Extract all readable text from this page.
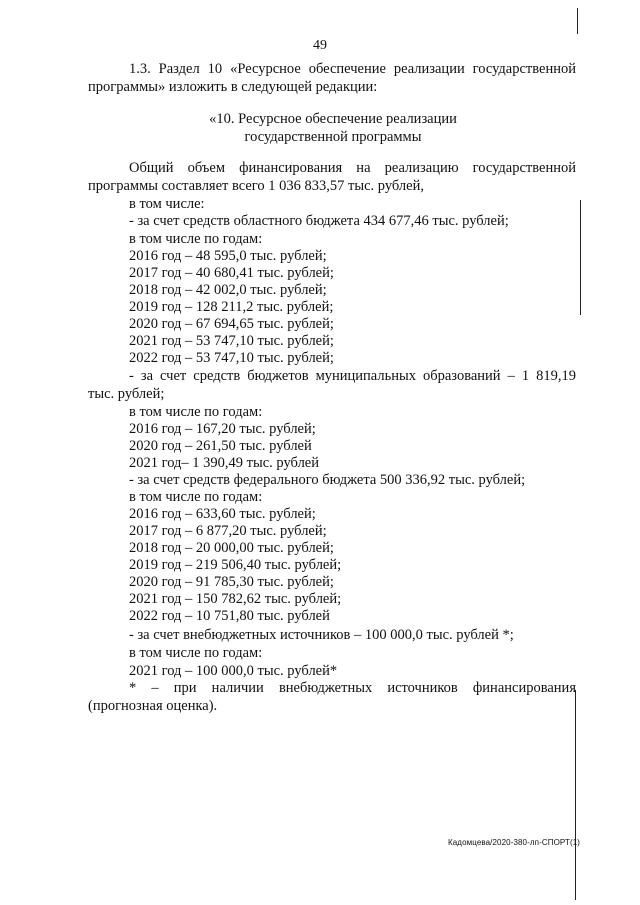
49
1.3. Раздел 10 «Ресурсное обеспечение реализации государственной
программы» изложить в следующей редакции:
«10. Ресурсное обеспечение реализации
государственной программы
Общий объем финансирования на реализацию государственной
программы составляет всего 1 036 833,57 тыс. рублей,
в том числе:
- за счет средств областного бюджета 434 677,46 тыс. рублей;
в том числе по годам:
2016 год – 48 595,0 тыс. рублей;
2017 год – 40 680,41 тыс. рублей;
2018 год – 42 002,0 тыс. рублей;
2019 год – 128 211,2 тыс. рублей;
2020 год – 67 694,65 тыс. рублей;
2021 год – 53 747,10 тыс. рублей;
2022 год – 53 747,10 тыс. рублей;
- за счет средств бюджетов муниципальных образований – 1 819,19
тыс. рублей;
в том числе по годам:
2016 год – 167,20 тыс. рублей;
2020 год – 261,50 тыс. рублей
2021 год– 1 390,49 тыс. рублей
- за счет средств федерального бюджета 500 336,92 тыс. рублей;
в том числе по годам:
2016 год – 633,60 тыс. рублей;
2017 год – 6 877,20 тыс. рублей;
2018 год – 20 000,00 тыс. рублей;
2019 год – 219 506,40 тыс. рублей;
2020 год – 91 785,30 тыс. рублей;
2021 год – 150 782,62 тыс. рублей;
2022 год – 10 751,80 тыс. рублей
- за счет внебюджетных источников – 100 000,0 тыс. рублей *;
в том числе по годам:
2021 год – 100 000,0 тыс. рублей*
* – при наличии внебюджетных источников финансирования
(прогнозная оценка).
Кадомцева/2020-380-лп-СПОРТ(1)
